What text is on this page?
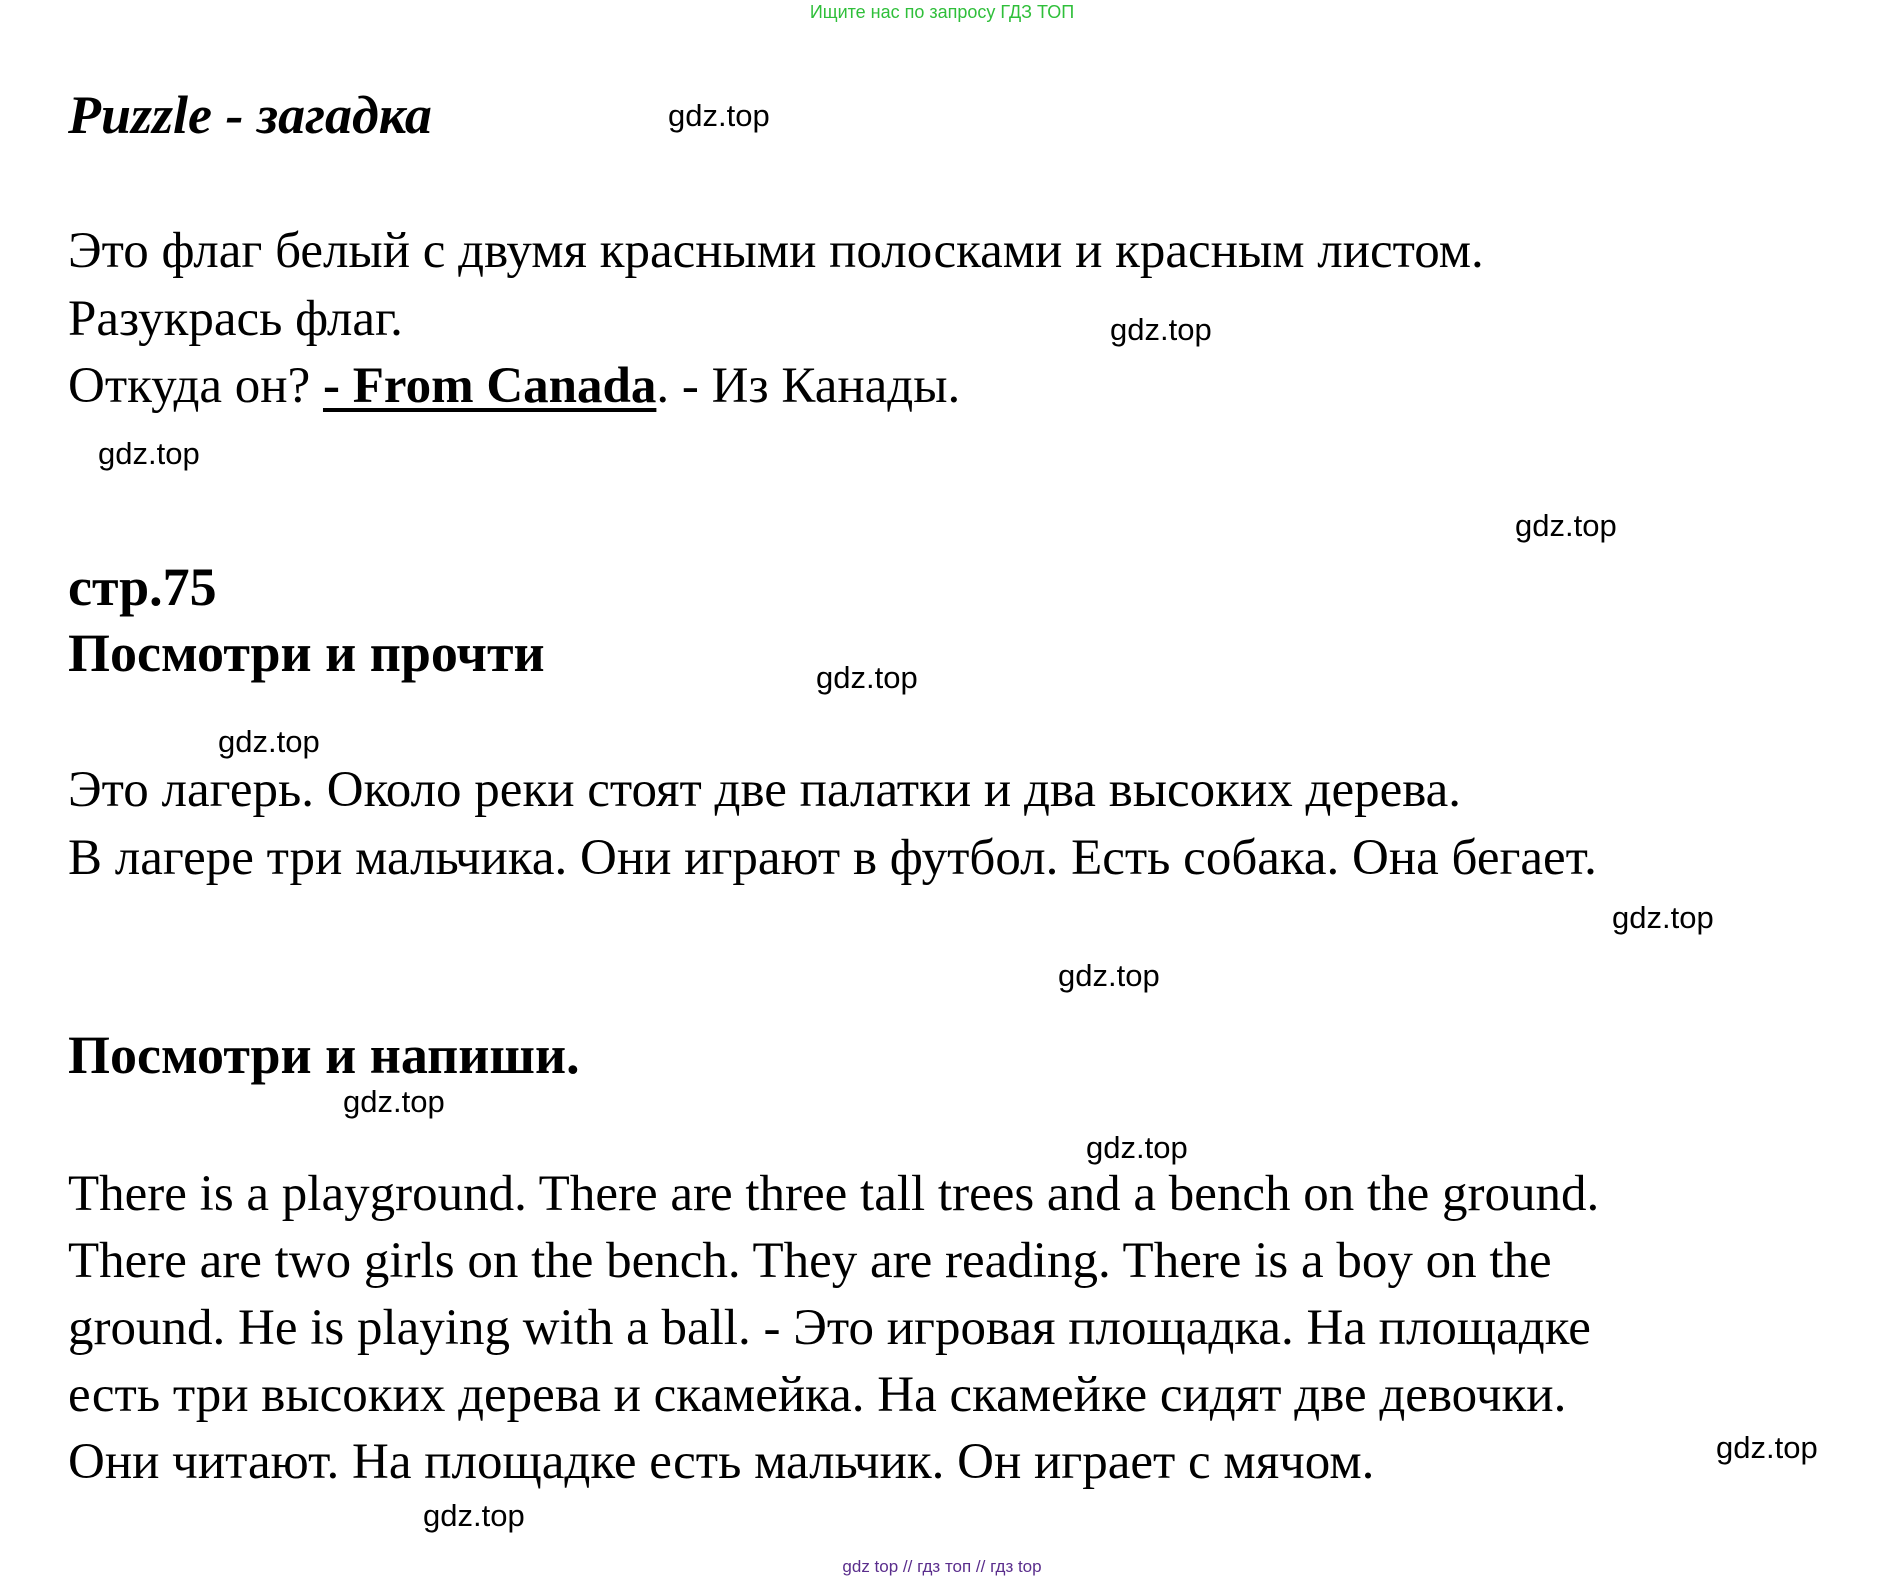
Ищите нас по запросу ГДЗ ТОП
Puzzle - загадка	gdz.top
Это флаг белый с двумя красными полосками и красным листом.
Разукрась флаг.	gdz.top
Откуда он? - From Canada. - Из Канады.
gdz.top
gdz.top
стр.75
Посмотри и прочти	gdz.top
gdz.top
Это лагерь. Около реки стоят две палатки и два высоких дерева.
В лагере три мальчика. Они играют в футбол. Есть собака. Она бегает.
gdz.top
gdz.top
Посмотри и напиши.
gdz.top
gdz.top
There is a playground. There are three tall trees and a bench on the ground.
There are two girls on the bench. They are reading. There is a boy on the
ground. He is playing with a ball. - Это игровая площадка. На площадке
есть три высоких дерева и скамейка. На скамейке сидят две девочки.
Они читают. На площадке есть мальчик. Он играет с мячом.	gdz.top
gdz.top
gdz top // гдз топ // гдз top
